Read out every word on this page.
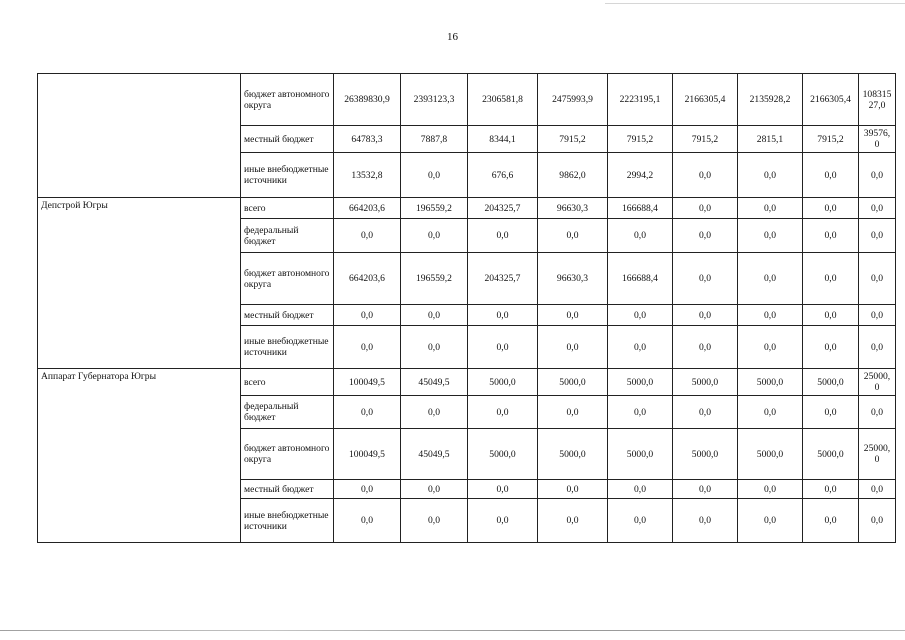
16
	бюджет автономного округа	26389830,9	2393123,3	2306581,8	2475993,9	2223195,1	2166305,4	2135928,2	2166305,4	10831527,0
	местный бюджет	64783,3	7887,8	8344,1	7915,2	7915,2	7915,2	2815,1	7915,2	39576,0
	иные внебюджетные источники	13532,8	0,0	676,6	9862,0	2994,2	0,0	0,0	0,0	0,0
Депстрой Югры	всего	664203,6	196559,2	204325,7	96630,3	166688,4	0,0	0,0	0,0	0,0
	федеральный бюджет	0,0	0,0	0,0	0,0	0,0	0,0	0,0	0,0	0,0
	бюджет автономного округа	664203,6	196559,2	204325,7	96630,3	166688,4	0,0	0,0	0,0	0,0
	местный бюджет	0,0	0,0	0,0	0,0	0,0	0,0	0,0	0,0	0,0
	иные внебюджетные источники	0,0	0,0	0,0	0,0	0,0	0,0	0,0	0,0	0,0
Аппарат Губернатора Югры	всего	100049,5	45049,5	5000,0	5000,0	5000,0	5000,0	5000,0	5000,0	25000,0
	федеральный бюджет	0,0	0,0	0,0	0,0	0,0	0,0	0,0	0,0	0,0
	бюджет автономного округа	100049,5	45049,5	5000,0	5000,0	5000,0	5000,0	5000,0	5000,0	25000,0
	местный бюджет	0,0	0,0	0,0	0,0	0,0	0,0	0,0	0,0	0,0
	иные внебюджетные источники	0,0	0,0	0,0	0,0	0,0	0,0	0,0	0,0	0,0
